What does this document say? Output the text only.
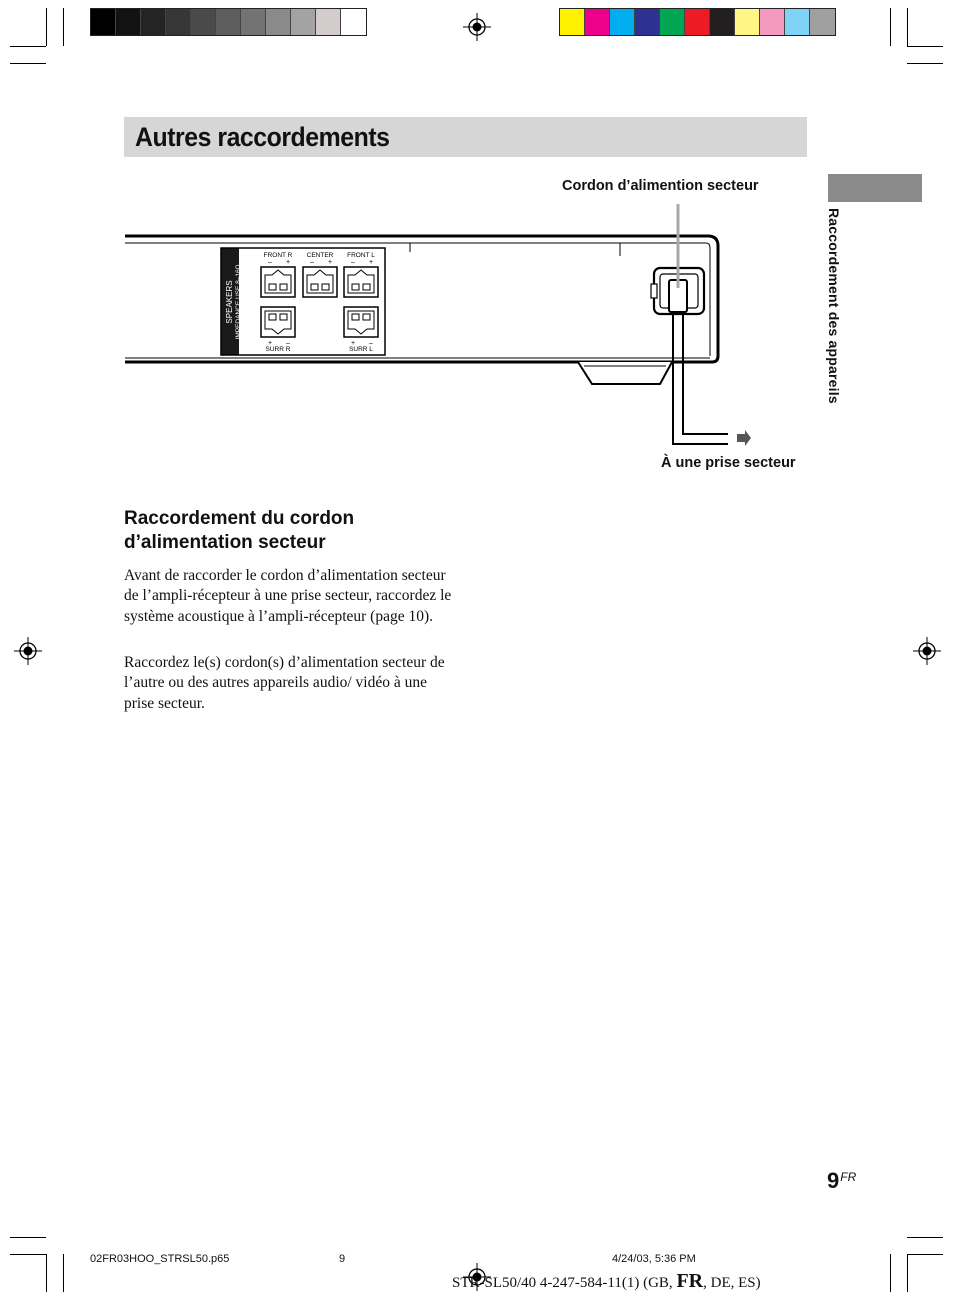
Autres raccordements
Raccordement des appareils
Cordon d’alimention secteur
À une prise secteur
SPEAKERS IMPEDANCE USE 8–16Ω
FRONT R CENTER FRONT L
– +	– +	– +
+ –	+ –
SURR R	SURR L
Raccordement du cordon d’alimentation secteur
Avant de raccorder le cordon d’alimentation secteur de l’ampli-récepteur à une prise secteur, raccordez le système acoustique à l’ampli-récepteur (page 10).
Raccordez le(s) cordon(s) d’alimentation secteur de l’autre ou des autres appareils audio/ vidéo à une prise secteur.
$9^{FR}$
02FR03HOO_STRSL50.p65	9	4/24/03, 5:36 PM
STR-SL50/40 4-247-584-11(1) (GB, FR, DE, ES)
